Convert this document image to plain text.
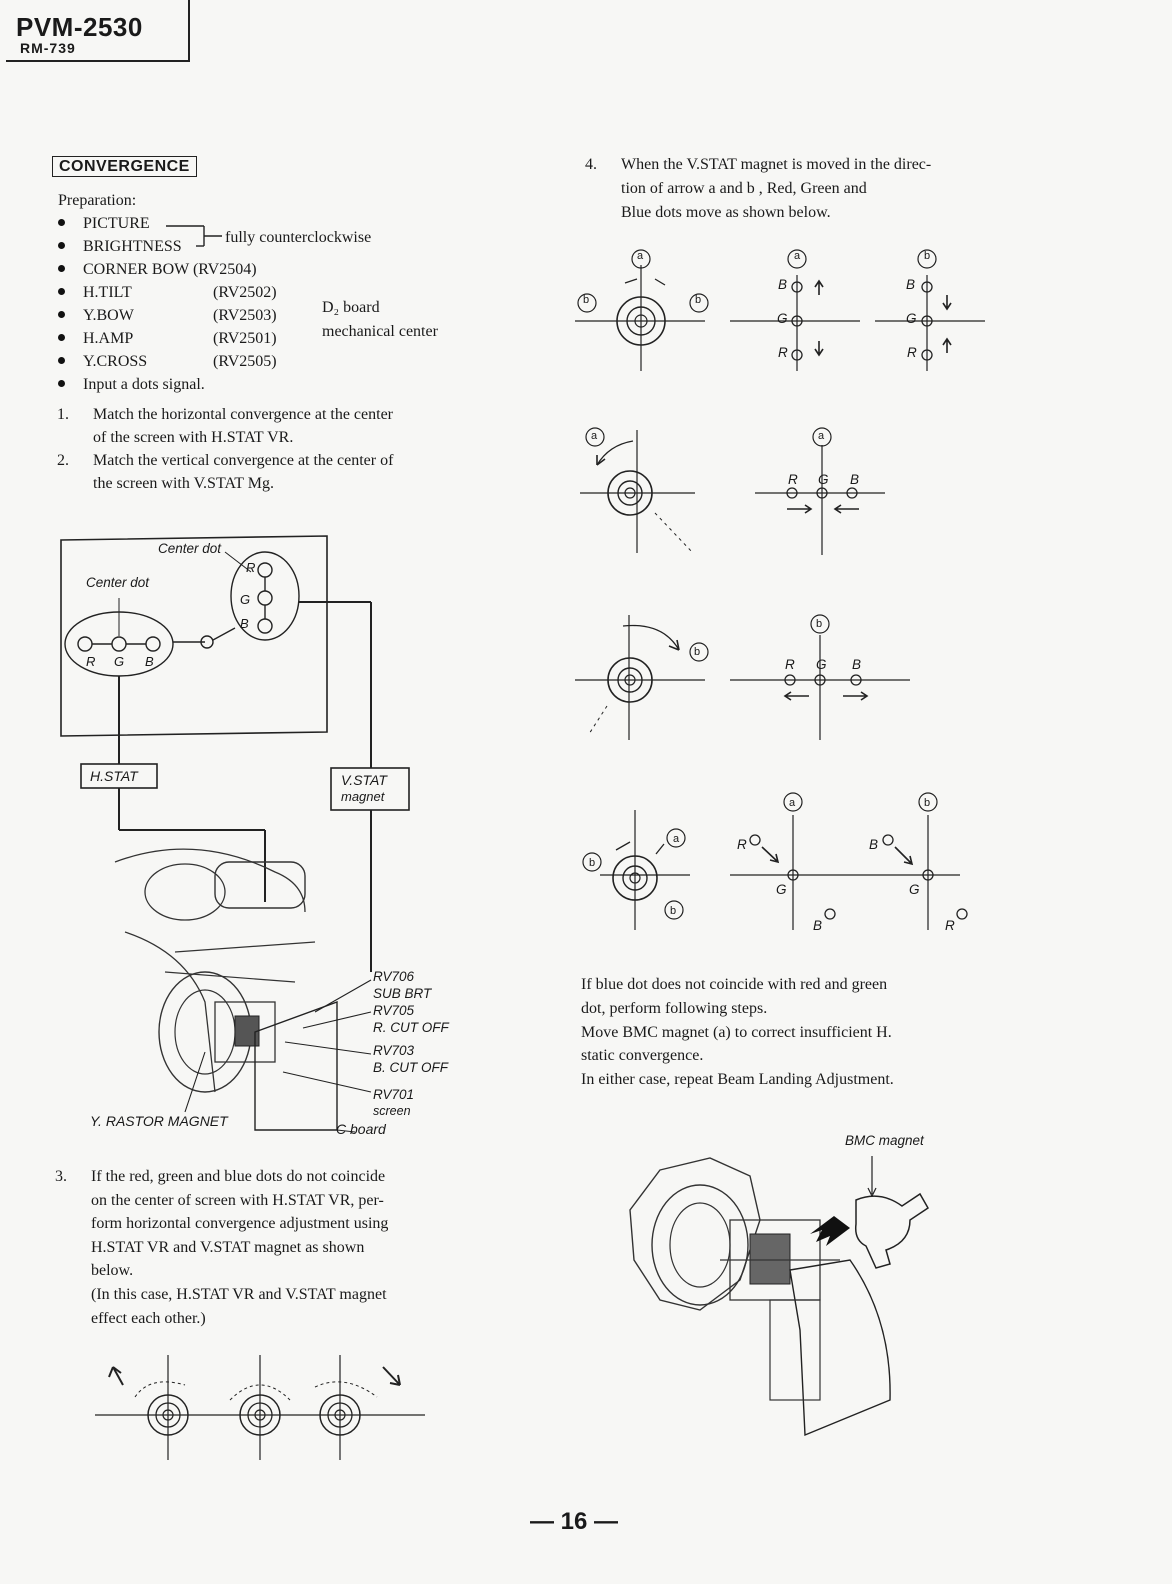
PVM-2530
RM-739
CONVERGENCE
Preparation:
PICTURE
BRIGHTNESS
CORNER BOW (RV2504)
H.TILT	(RV2502)
Y.BOW	(RV2503)
H.AMP	(RV2501)
Y.CROSS	(RV2505)
Input a dots signal.
fully counterclockwise
D₂ board
mechanical center
1. Match the horizontal convergence at the center
of the screen with H.STAT VR.
2. Match the vertical convergence at the center of
the screen with V.STAT Mg.
Center dot
Center dot
R
G
B
R G B
H.STAT	V.STAT
magnet
RV706
SUB BRT
RV705
R. CUT OFF
RV703
B. CUT OFF
RV701
screen
Y. RASTOR MAGNET	C board
3. If the red, green and blue dots do not coincide
on the center of screen with H.STAT VR, per-
form horizontal convergence adjustment using
H.STAT VR and V.STAT magnet as shown
below.
(In this case, H.STAT VR and V.STAT magnet
effect each other.)
4. When the V.STAT magnet is moved in the direc-
tion of arrow a and b , Red, Green and
Blue dots move as shown below.
a
b	b
a	b
B
G
R
B
G
R
a	a
R G B
b
b
R G B
a
b
b
a	b
R
G
B
B
G
R
If blue dot does not coincide with red and green
dot, perform following steps.
Move BMC magnet (a) to correct insufficient H.
static convergence.
In either case, repeat Beam Landing Adjustment.
BMC magnet
— 16 —
